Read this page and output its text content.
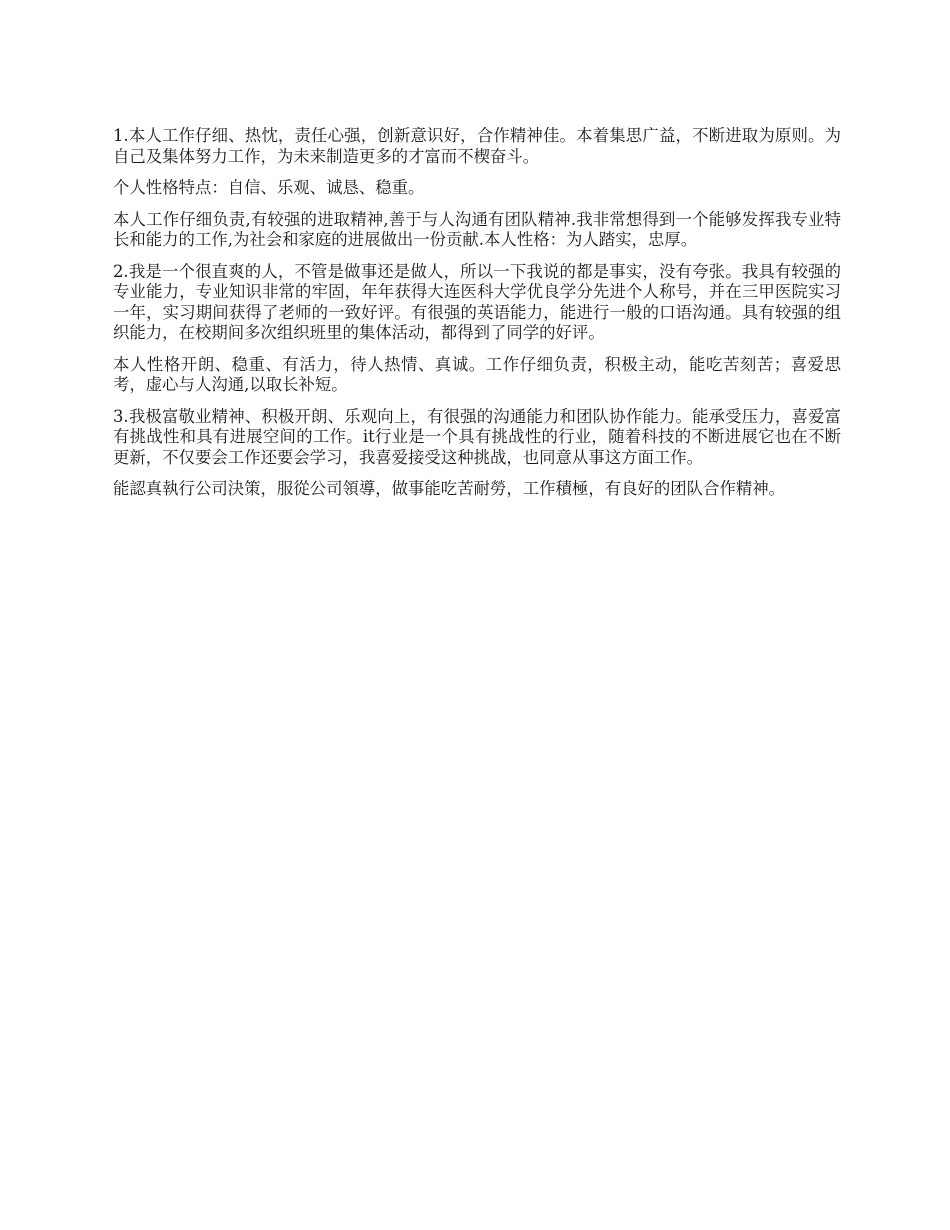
1.本人工作仔细、热忱，责任心强，创新意识好，合作精神佳。本着集思广益，不断进取为原则。为自己及集体努力工作，为未来制造更多的才富而不楔奋斗。

个人性格特点：自信、乐观、诚恳、稳重。

本人工作仔细负责,有较强的进取精神,善于与人沟通有团队精神.我非常想得到一个能够发挥我专业特长和能力的工作,为社会和家庭的进展做出一份贡献.本人性格：为人踏实，忠厚。

2.我是一个很直爽的人，不管是做事还是做人，所以一下我说的都是事实，没有夸张。我具有较强的专业能力，专业知识非常的牢固，年年获得大连医科大学优良学分先进个人称号，并在三甲医院实习一年，实习期间获得了老师的一致好评。有很强的英语能力，能进行一般的口语沟通。具有较强的组织能力，在校期间多次组织班里的集体活动，都得到了同学的好评。

本人性格开朗、稳重、有活力，待人热情、真诚。工作仔细负责，积极主动，能吃苦刻苦；喜爱思考，虚心与人沟通,以取长补短。

3.我极富敬业精神、积极开朗、乐观向上，有很强的沟通能力和团队协作能力。能承受压力，喜爱富有挑战性和具有进展空间的工作。it行业是一个具有挑战性的行业，随着科技的不断进展它也在不断更新，不仅要会工作还要会学习，我喜爱接受这种挑战，也同意从事这方面工作。

能認真執行公司決策，服從公司領導，做事能吃苦耐勞，工作積極，有良好的团队合作精神。
